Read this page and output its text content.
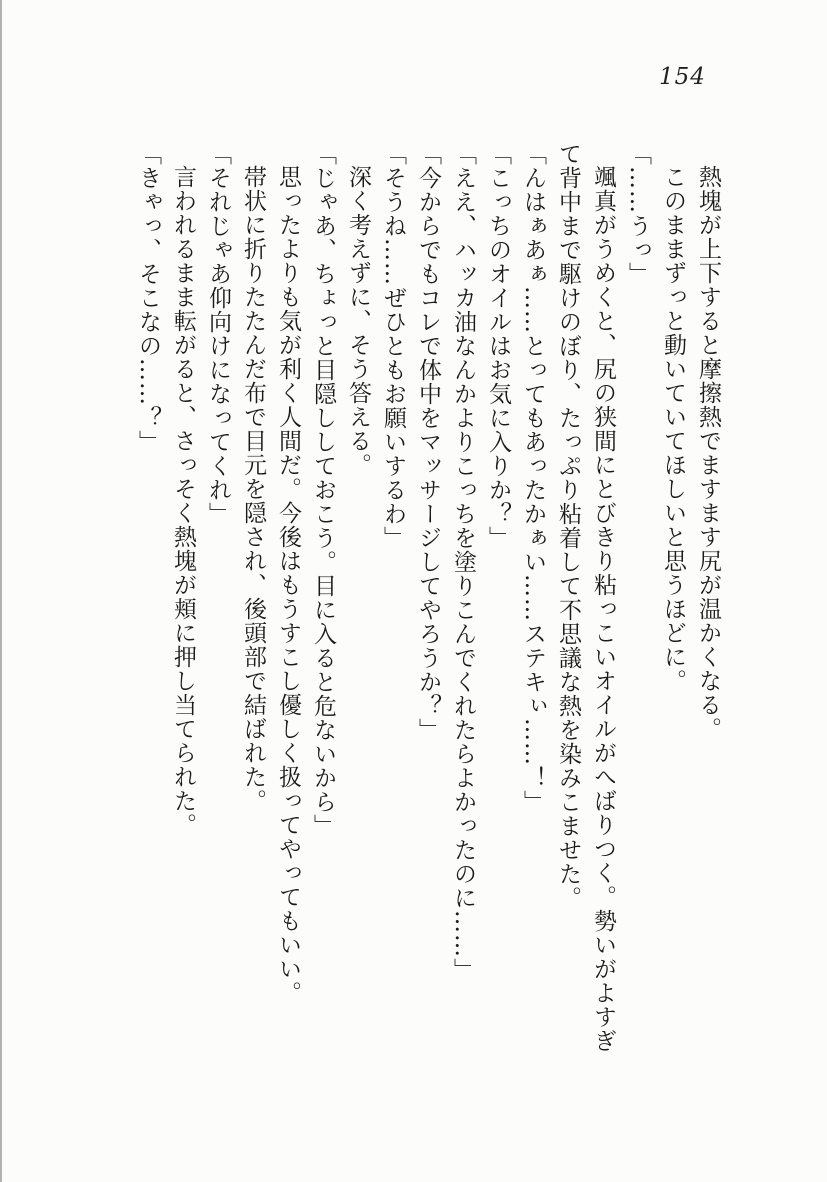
154
熱塊が上下すると摩擦熱でますます尻が温かくなる。
このままずっと動いていてほしいと思うほどに。
「……うっ」
颯真がうめくと、尻の狭間にとびきり粘っこいオイルがへばりつく。勢いがよすぎ
て背中まで駆けのぼり、たっぷり粘着して不思議な熱を染みこませた。
「んはぁあぁ……とってもあったかぁい……ステキぃ……！」
「こっちのオイルはお気に入りか？」
「ええ、ハッカ油なんかよりこっちを塗りこんでくれたらよかったのに……」
「今からでもコレで体中をマッサージしてやろうか？」
「そうね……ぜひともお願いするわ」
深く考えずに、そう答える。
「じゃあ、ちょっと目隠ししておこう。目に入ると危ないから」
思ったよりも気が利く人間だ。今後はもうすこし優しく扱ってやってもいい。
帯状に折りたたんだ布で目元を隠され、後頭部で結ばれた。
「それじゃあ仰向けになってくれ」
言われるまま転がると、さっそく熱塊が頬に押し当てられた。
「きゃっ、そこなの……？」
